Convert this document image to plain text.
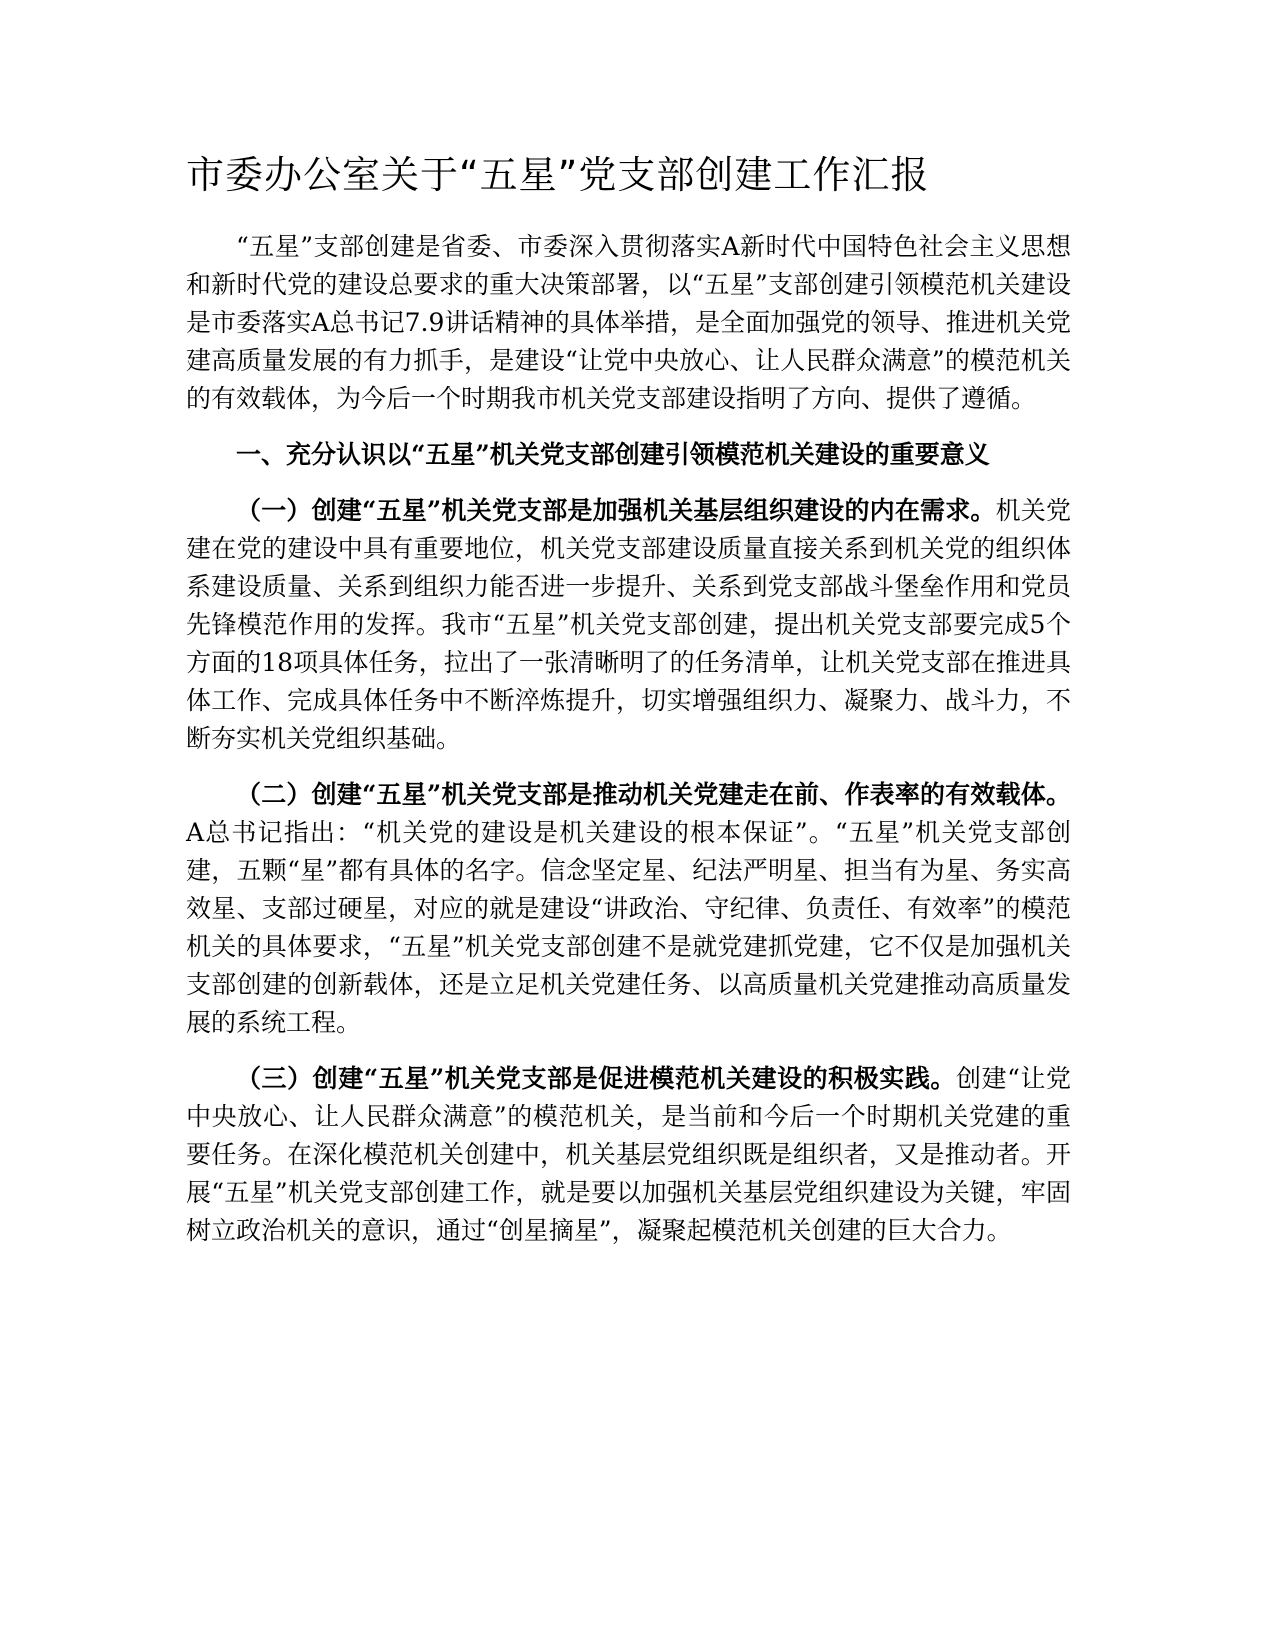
市委办公室关于“五星”党支部创建工作汇报

“五星”支部创建是省委、市委深入贯彻落实A新时代中国特色社会主义思想和新时代党的建设总要求的重大决策部署，以“五星”支部创建引领模范机关建设是市委落实A总书记7.9讲话精神的具体举措，是全面加强党的领导、推进机关党建高质量发展的有力抓手，是建设“让党中央放心、让人民群众满意”的模范机关的有效载体，为今后一个时期我市机关党支部建设指明了方向、提供了遵循。

一、充分认识以“五星”机关党支部创建引领模范机关建设的重要意义

（一）创建“五星”机关党支部是加强机关基层组织建设的内在需求。机关党建在党的建设中具有重要地位，机关党支部建设质量直接关系到机关党的组织体系建设质量、关系到组织力能否进一步提升、关系到党支部战斗堡垒作用和党员先锋模范作用的发挥。我市“五星”机关党支部创建，提出机关党支部要完成5个方面的18项具体任务，拉出了一张清晰明了的任务清单，让机关党支部在推进具体工作、完成具体任务中不断淬炼提升，切实增强组织力、凝聚力、战斗力，不断夯实机关党组织基础。

（二）创建“五星”机关党支部是推动机关党建走在前、作表率的有效载体。A总书记指出：“机关党的建设是机关建设的根本保证”。“五星”机关党支部创建，五颗“星”都有具体的名字。信念坚定星、纪法严明星、担当有为星、务实高效星、支部过硬星，对应的就是建设“讲政治、守纪律、负责任、有效率”的模范机关的具体要求，“五星”机关党支部创建不是就党建抓党建，它不仅是加强机关支部创建的创新载体，还是立足机关党建任务、以高质量机关党建推动高质量发展的系统工程。

（三）创建“五星”机关党支部是促进模范机关建设的积极实践。创建“让党中央放心、让人民群众满意”的模范机关，是当前和今后一个时期机关党建的重要任务。在深化模范机关创建中，机关基层党组织既是组织者，又是推动者。开展“五星”机关党支部创建工作，就是要以加强机关基层党组织建设为关键，牢固树立政治机关的意识，通过“创星摘星”，凝聚起模范机关创建的巨大合力。
